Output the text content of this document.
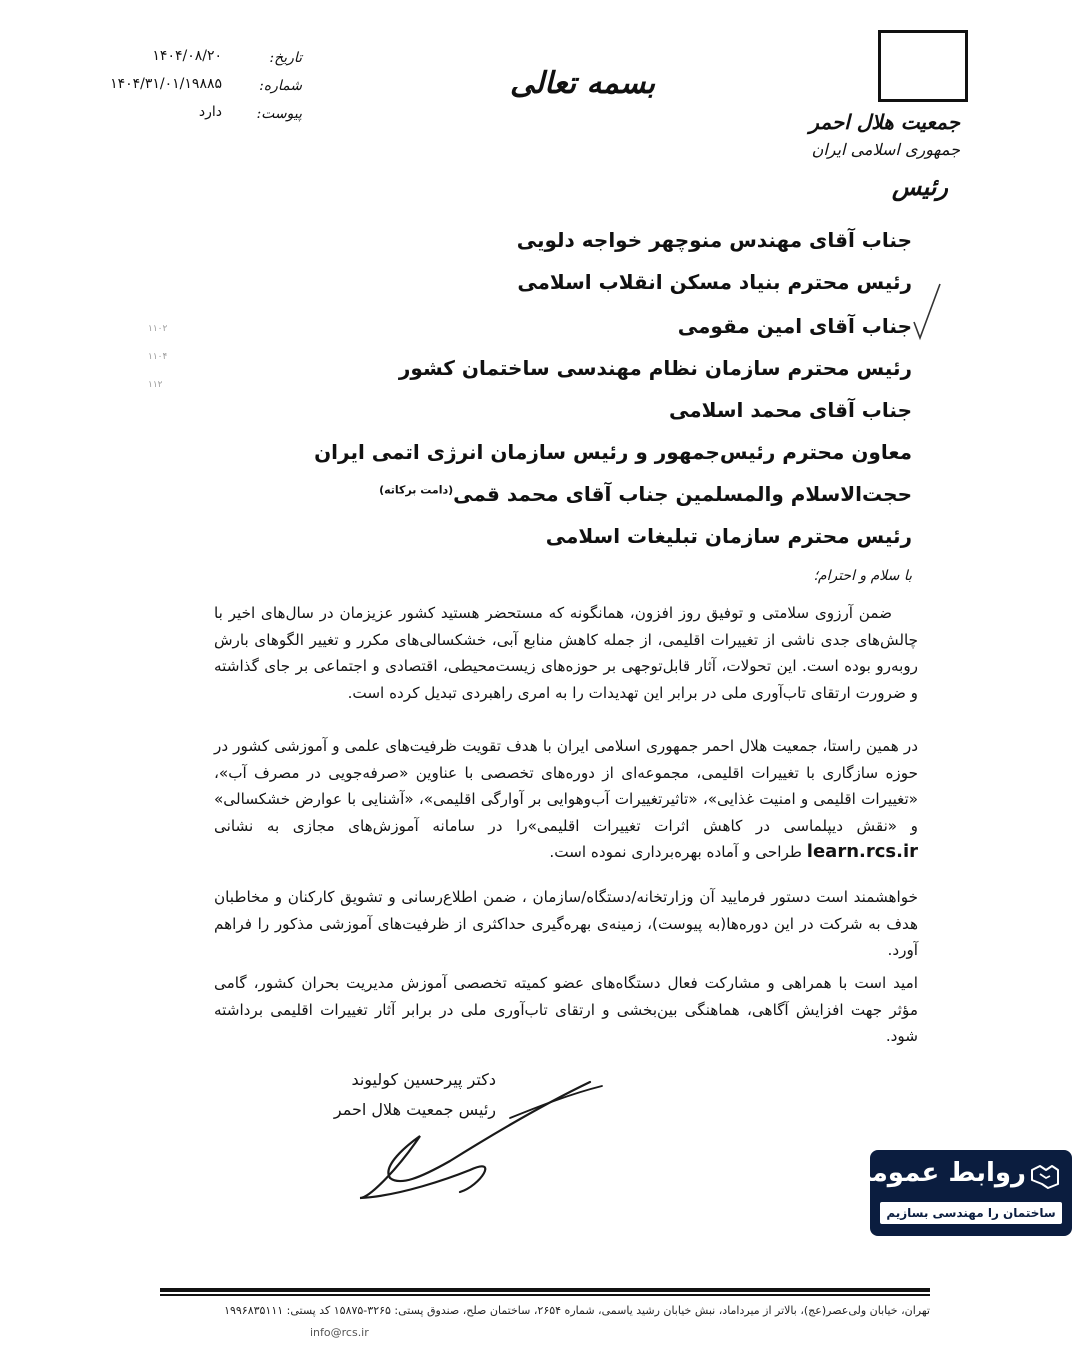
جمعیت هلال احمر
جمهوری اسلامی ایران
رئیس
بسمه تعالی
تاریخ:
۱۴۰۴/۰۸/۲۰
شماره:
۱۴۰۴/۳۱/۰۱/۱۹۸۸۵
پیوست:
دارد
جناب آقای مهندس منوچهر خواجه دلویی
رئیس محترم بنیاد مسکن انقلاب اسلامی
جناب آقای امین مقومی
رئیس محترم سازمان نظام مهندسی ساختمان کشور
جناب آقای محمد اسلامی
معاون محترم رئیس‌جمهور و رئیس سازمان انرژی اتمی ایران
حجت‌الاسلام والمسلمین جناب آقای محمد قمی$^{(دامت برکاته)}$
رئیس محترم سازمان تبلیغات اسلامی
۱۱۰۲
۱۱۰۴
۱۱۲
با سلام و احترام؛
ضمن آرزوی سلامتی و توفیق روز افزون، همانگونه که مستحضر هستید کشور عزیزمان در سال‌های اخیر با چالش‌های جدی ناشی از تغییرات اقلیمی، از جمله کاهش منابع آبی، خشکسالی‌های مکرر و تغییر الگوهای بارش روبه‌رو بوده است. این تحولات، آثار قابل‌توجهی بر حوزه‌های زیست‌محیطی، اقتصادی و اجتماعی بر جای گذاشته و ضرورت ارتقای تاب‌آوری ملی در برابر این تهدیدات را به امری راهبردی تبدیل کرده است.
در همین راستا، جمعیت هلال احمر جمهوری اسلامی ایران با هدف تقویت ظرفیت‌های علمی و آموزشی کشور در حوزه سازگاری با تغییرات اقلیمی، مجموعه‌ای از دوره‌های تخصصی با عناوین «صرفه‌جویی در مصرف آب»، «تغییرات اقلیمی و امنیت غذایی»، «تاثیرتغییرات آب‌وهوایی بر آوارگی اقلیمی»، «آشنایی با عوارض خشکسالی» و «نقش دیپلماسی در کاهش اثرات تغییرات اقلیمی»را در سامانه آموزش‌های مجازی به نشانی learn.rcs.ir طراحی و آماده بهره‌برداری نموده است.
خواهشمند است دستور فرمایید آن وزارتخانه/دستگاه/سازمان ، ضمن اطلاع‌رسانی و تشویق کارکنان و مخاطبان هدف به شرکت در این دوره‌ها(به پیوست)، زمینه‌ی بهره‌گیری حداکثری از ظرفیت‌های آموزشی مذکور را فراهم آورد.
امید است با همراهی و مشارکت فعال دستگاه‌های عضو کمیته تخصصی آموزش مدیریت بحران کشور، گامی مؤثر جهت افزایش آگاهی، هماهنگی بین‌بخشی و ارتقای تاب‌آوری ملی در برابر آثار تغییرات اقلیمی برداشته شود.
دکتر پیرحسین کولیوند
رئیس جمعیت هلال احمر
تهران، خیابان ولی‌عصر(عج)، بالاتر از میرداماد، نبش خیابان رشید یاسمی، شماره ۲۶۵۴، ساختمان صلح، صندوق پستی: ۳۲۶۵-۱۵۸۷۵ کد پستی: ۱۹۹۶۸۳۵۱۱۱
info@rcs.ir
روابط عمومی
ساختمان را مهندسی بسازیم
